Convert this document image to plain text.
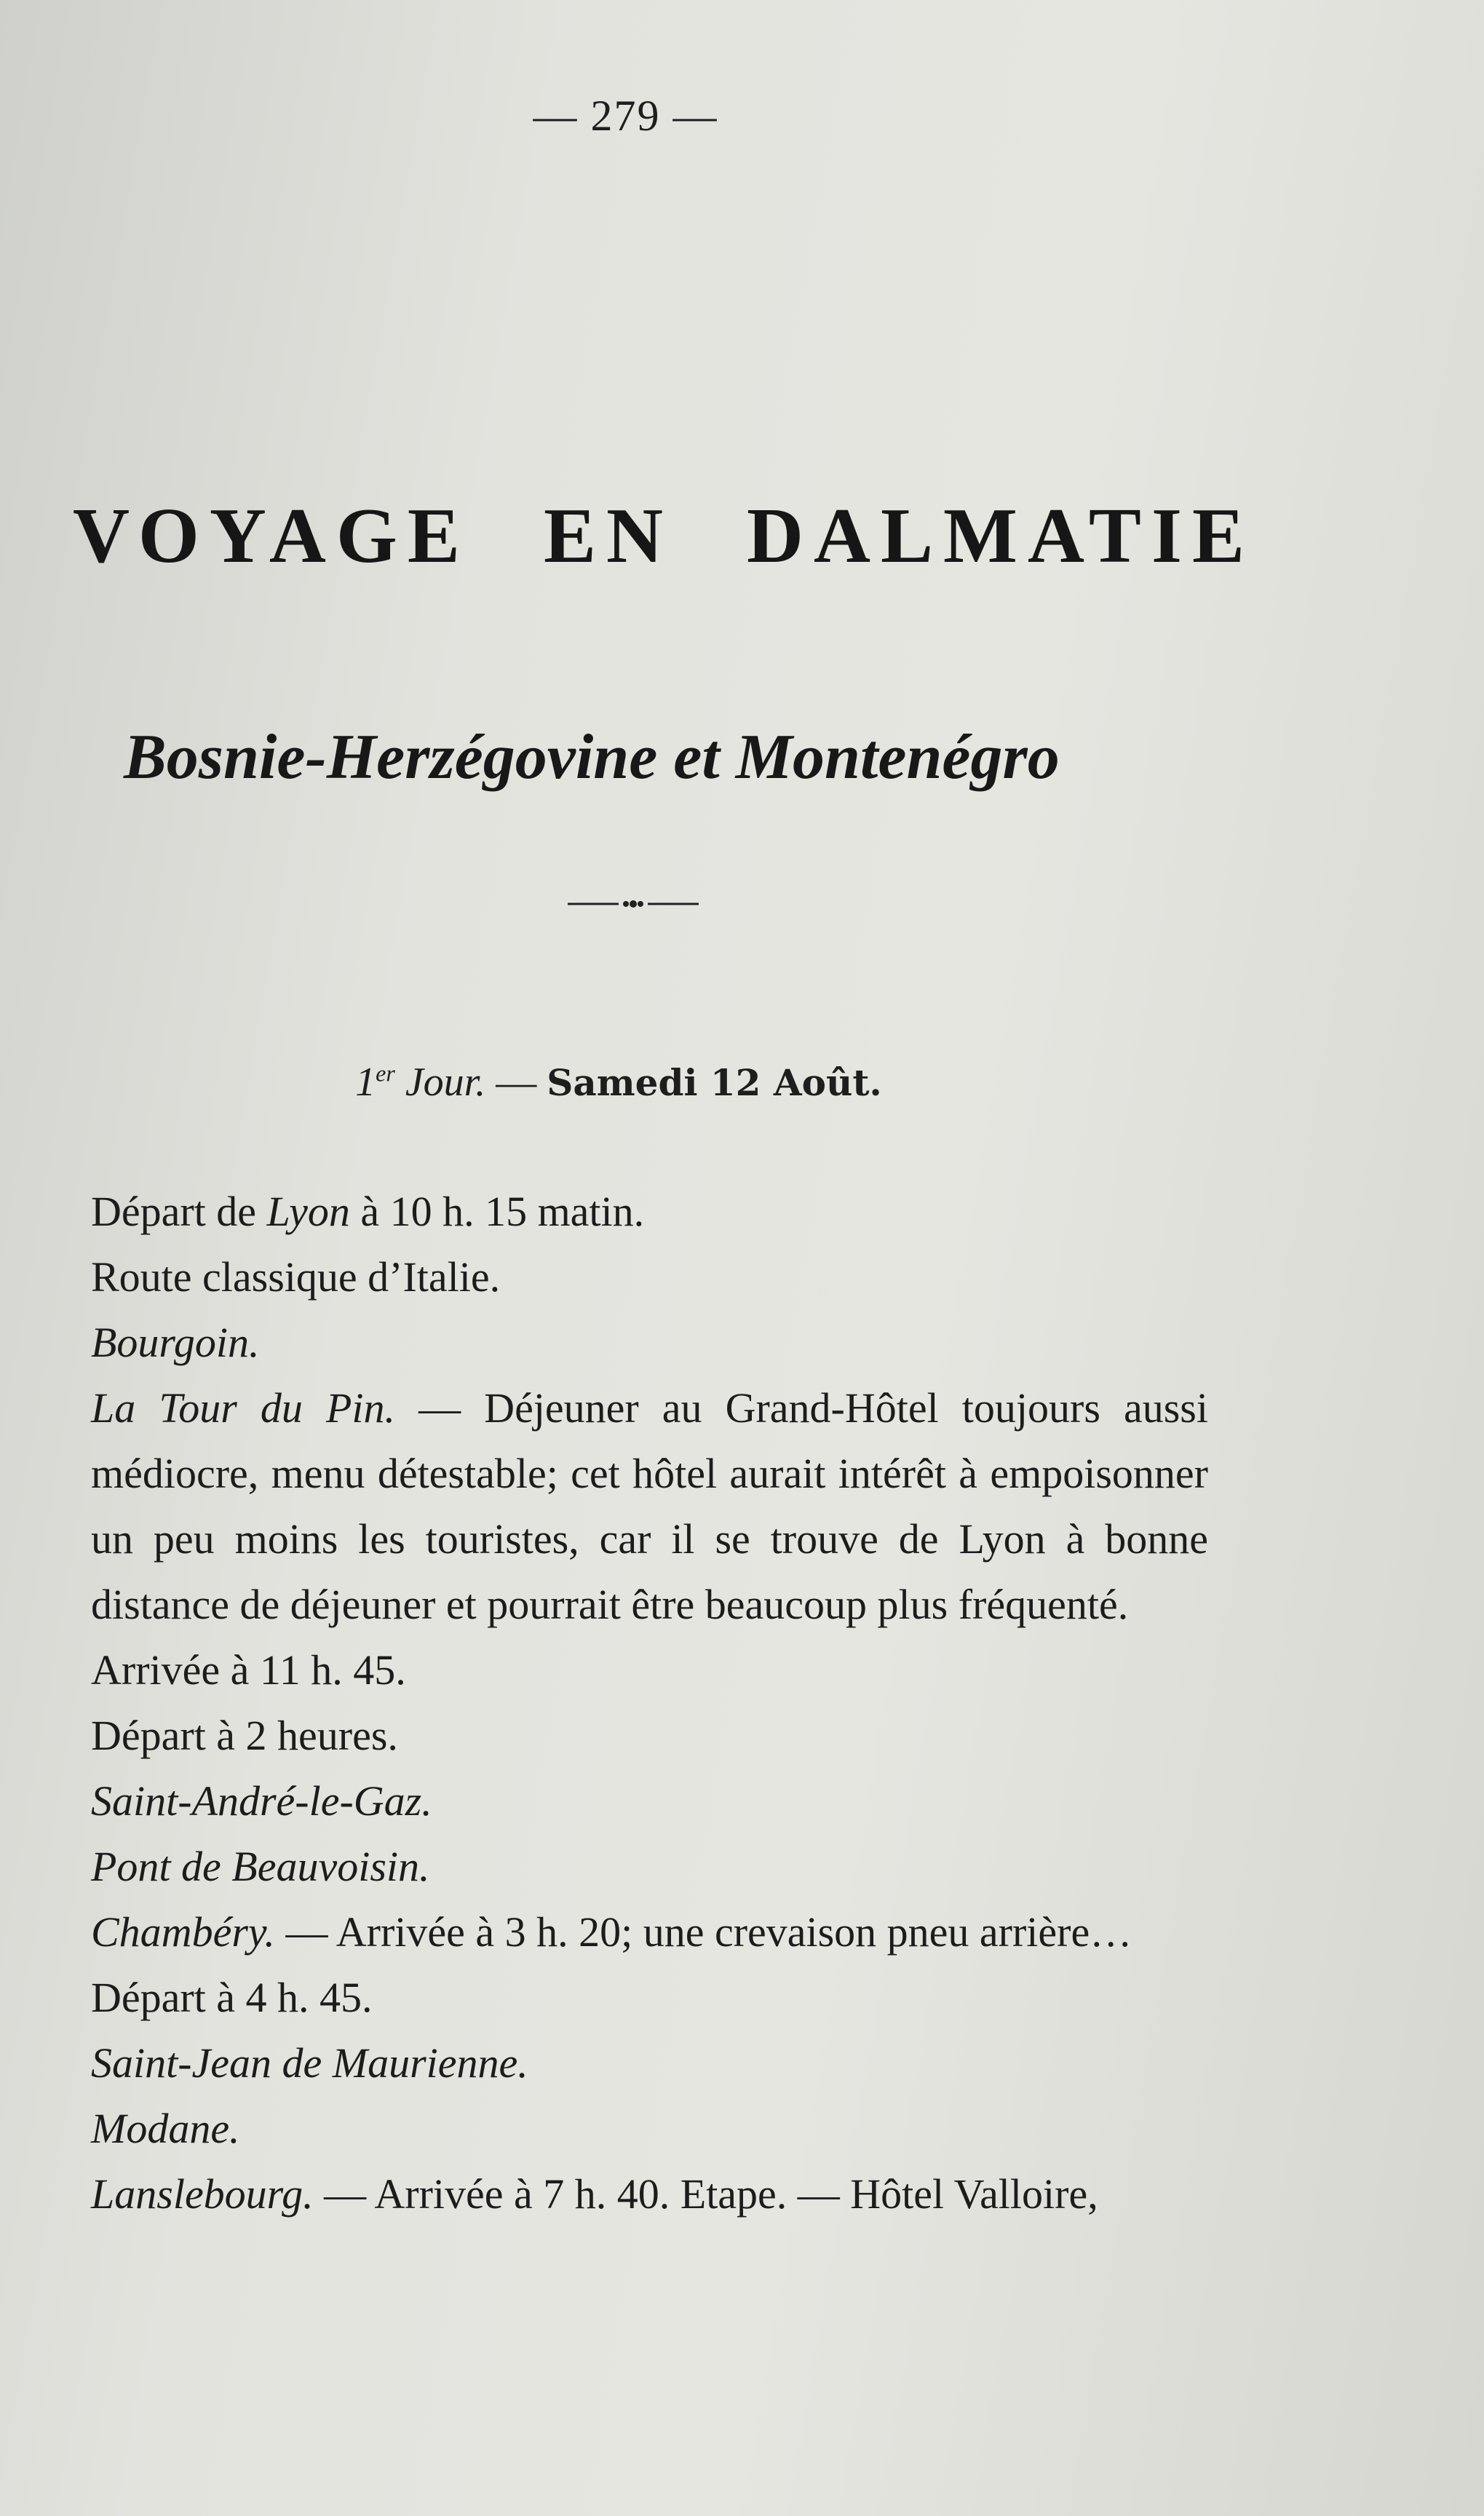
— 279 —
VOYAGE EN DALMATIE
Bosnie-Herzégovine et Montenégro
1er Jour. — Samedi 12 Août.

Départ de Lyon à 10 h. 15 matin.

Route classique d’Italie.

Bourgoin.

La Tour du Pin. — Déjeuner au Grand-Hôtel toujours aussi médiocre, menu détestable; cet hôtel aurait intérêt à empoisonner un peu moins les touristes, car il se trouve de Lyon à bonne distance de déjeuner et pourrait être beaucoup plus fréquenté.

Arrivée à 11 h. 45.

Départ à 2 heures.

Saint-André-le-Gaz.

Pont de Beauvoisin.

Chambéry. — Arrivée à 3 h. 20; une crevaison pneu arrière…

Départ à 4 h. 45.

Saint-Jean de Maurienne.

Modane.

Lanslebourg. — Arrivée à 7 h. 40. Etape. — Hôtel Valloire,
